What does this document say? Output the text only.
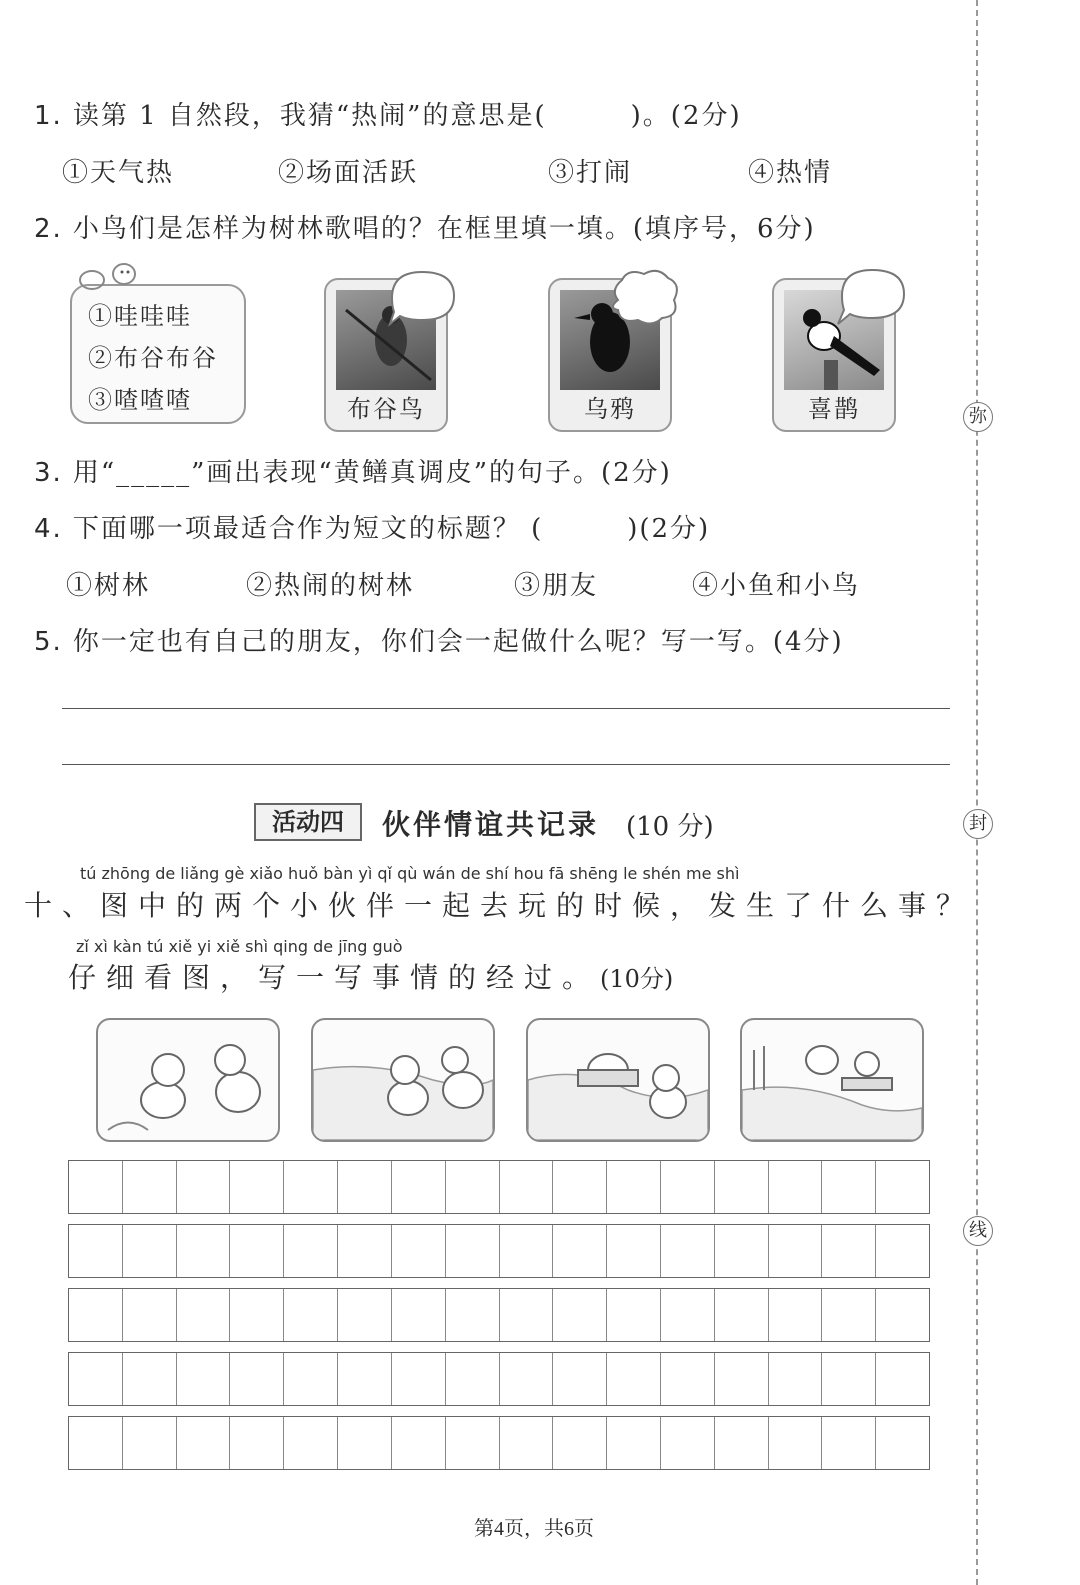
1. 读第 1 自然段，我猜“热闹”的意思是(　　　)。(2分)
①天气热	②场面活跃	③打闹	④热情
2. 小鸟们是怎样为树林歌唱的？在框里填一填。(填序号，6分)
①哇哇哇
②布谷布谷
③喳喳喳	布谷鸟	乌鸦	喜鹊
3. 用“_____”画出表现“黄鳝真调皮”的句子。(2分)
4. 下面哪一项最适合作为短文的标题？ (　　　)(2分)
①树林	②热闹的树林	③朋友	④小鱼和小鸟
5. 你一定也有自己的朋友，你们会一起做什么呢？写一写。(4分)
活动四	伙伴情谊共记录 (10 分)
tú zhōng de liǎng gè xiǎo huǒ bàn yì qǐ qù wán de shí hou fā shēng le shén me shì
十、图中的两个小伙伴一起去玩的时候，发生了什么事？
zǐ xì kàn tú xiě yi xiě shì qing de jīng guò
仔细看图，写一写事情的经过。(10分)
弥
封
线
第4页，共6页
